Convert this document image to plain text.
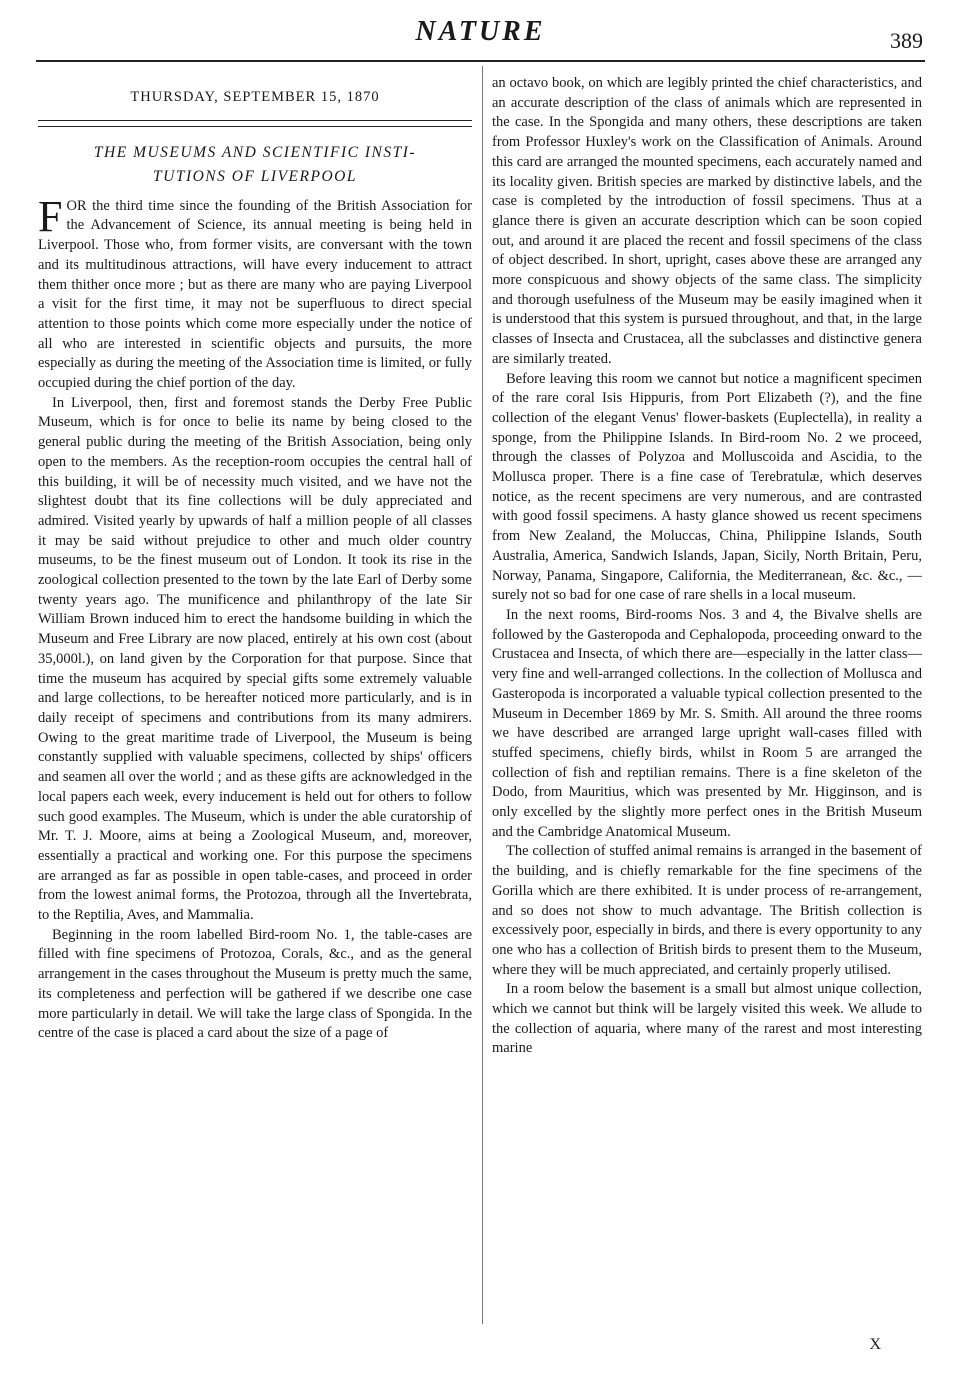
NATURE	389
THURSDAY, SEPTEMBER 15, 1870
THE MUSEUMS AND SCIENTIFIC INSTI-
TUTIONS OF LIVERPOOL

FOR the third time since the founding of the British Association for the Advancement of Science, its annual meeting is being held in Liverpool. Those who, from former visits, are conversant with the town and its multitudinous attractions, will have every inducement to attract them thither once more ; but as there are many who are paying Liverpool a visit for the first time, it may not be superfluous to direct special attention to those points which come more especially under the notice of all who are interested in scientific objects and pursuits, the more especially as during the meeting of the Association time is limited, or fully occupied during the chief portion of the day.

In Liverpool, then, first and foremost stands the Derby Free Public Museum, which is for once to belie its name by being closed to the general public during the meeting of the British Association, being only open to the members. As the reception-room occupies the central hall of this building, it will be of necessity much visited, and we have not the slightest doubt that its fine collections will be duly appreciated and admired. Visited yearly by upwards of half a million people of all classes it may be said without prejudice to other and much older country museums, to be the finest museum out of London. It took its rise in the zoological collection presented to the town by the late Earl of Derby some twenty years ago. The munificence and philanthropy of the late Sir William Brown induced him to erect the handsome building in which the Museum and Free Library are now placed, entirely at his own cost (about 35,000l.), on land given by the Corporation for that purpose. Since that time the museum has acquired by special gifts some extremely valuable and large collections, to be hereafter noticed more particularly, and is in daily receipt of specimens and contributions from its many admirers. Owing to the great maritime trade of Liverpool, the Museum is being constantly supplied with valuable specimens, collected by ships' officers and seamen all over the world ; and as these gifts are acknowledged in the local papers each week, every inducement is held out for others to follow such good examples. The Museum, which is under the able curatorship of Mr. T. J. Moore, aims at being a Zoological Museum, and, moreover, essentially a practical and working one. For this purpose the specimens are arranged as far as possible in open table-cases, and proceed in order from the lowest animal forms, the Protozoa, through all the Invertebrata, to the Reptilia, Aves, and Mammalia.

Beginning in the room labelled Bird-room No. 1, the table-cases are filled with fine specimens of Protozoa, Corals, &c., and as the general arrangement in the cases throughout the Museum is pretty much the same, its completeness and perfection will be gathered if we describe one case more particularly in detail. We will take the large class of Spongida. In the centre of the case is placed a card about the size of a page of

an octavo book, on which are legibly printed the chief characteristics, and an accurate description of the class of animals which are represented in the case. In the Spongida and many others, these descriptions are taken from Professor Huxley's work on the Classification of Animals. Around this card are arranged the mounted specimens, each accurately named and its locality given. British species are marked by distinctive labels, and the case is completed by the introduction of fossil specimens. Thus at a glance there is given an accurate description which can be soon copied out, and around it are placed the recent and fossil specimens of the class of object described. In short, upright, cases above these are arranged any more conspicuous and showy objects of the same class. The simplicity and thorough usefulness of the Museum may be easily imagined when it is understood that this system is pursued throughout, and that, in the large classes of Insecta and Crustacea, all the subclasses and distinctive genera are similarly treated.

Before leaving this room we cannot but notice a magnificent specimen of the rare coral Isis Hippuris, from Port Elizabeth (?), and the fine collection of the elegant Venus' flower-baskets (Euplectella), in reality a sponge, from the Philippine Islands. In Bird-room No. 2 we proceed, through the classes of Polyzoa and Molluscoida and Ascidia, to the Mollusca proper. There is a fine case of Terebratulæ, which deserves notice, as the recent specimens are very numerous, and are contrasted with good fossil specimens. A hasty glance showed us recent specimens from New Zealand, the Moluccas, China, Philippine Islands, South Australia, America, Sandwich Islands, Japan, Sicily, North Britain, Peru, Norway, Panama, Singapore, California, the Mediterranean, &c. &c., —surely not so bad for one case of rare shells in a local museum.

In the next rooms, Bird-rooms Nos. 3 and 4, the Bivalve shells are followed by the Gasteropoda and Cephalopoda, proceeding onward to the Crustacea and Insecta, of which there are—especially in the latter class—very fine and well-arranged collections. In the collection of Mollusca and Gasteropoda is incorporated a valuable typical collection presented to the Museum in December 1869 by Mr. S. Smith. All around the three rooms we have described are arranged large upright wall-cases filled with stuffed specimens, chiefly birds, whilst in Room 5 are arranged the collection of fish and reptilian remains. There is a fine skeleton of the Dodo, from Mauritius, which was presented by Mr. Higginson, and is only excelled by the slightly more perfect ones in the British Museum and the Cambridge Anatomical Museum.

The collection of stuffed animal remains is arranged in the basement of the building, and is chiefly remarkable for the fine specimens of the Gorilla which are there exhibited. It is under process of re-arrangement, and so does not show to much advantage. The British collection is excessively poor, especially in birds, and there is every opportunity to any one who has a collection of British birds to present them to the Museum, where they will be much appreciated, and certainly properly utilised.

In a room below the basement is a small but almost unique collection, which we cannot but think will be largely visited this week. We allude to the collection of aquaria, where many of the rarest and most interesting marine

X
